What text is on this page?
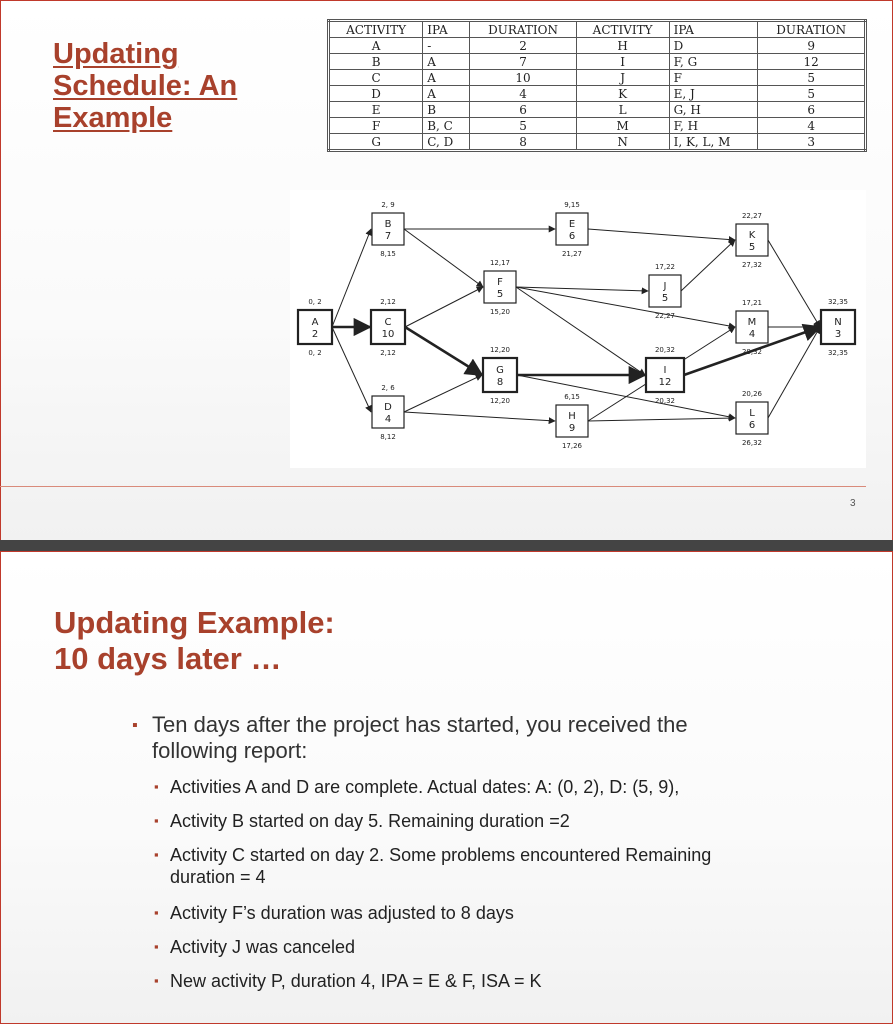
Updating Schedule: An Example
ACTIVITY	IPA	DURATION	ACTIVITY	IPA	DURATION
A	-	2	H	D	9
B	A	7	I	F, G	12
C	A	10	J	F	5
D	A	4	K	E, J	5
E	B	6	L	G, H	6
F	B, C	5	M	F, H	4
G	C, D	8	N	I, K, L, M	3
A
2
0, 2
0, 2
B
7
2, 9
8,15
C
10
2,12
2,12
D
4
2, 6
8,12
E
6
9,15
21,27
F
5
12,17
15,20
G
8
12,20
12,20
H
9
6,15
17,26
J
5
17,22
22,27
I
12
20,32
20,32
K
5
22,27
27,32
M
4
17,21
28,32
L
6
20,26
26,32
N
3
32,35
32,35
3
Updating Example:
10 days later …
▪ Ten days after the project has started, you received the following report:
▪ Activities A and D are complete. Actual dates: A: (0, 2), D: (5, 9),
▪ Activity B started on day 5. Remaining duration =2
▪ Activity C started on day 2. Some problems encountered Remaining duration = 4
▪ Activity F’s duration was adjusted to 8 days
▪ Activity J was canceled
▪ New activity P, duration 4, IPA = E & F, ISA = K
